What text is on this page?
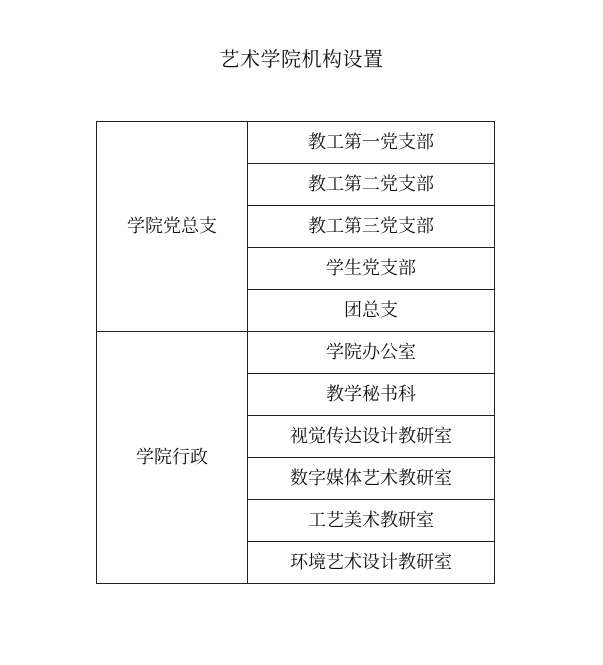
艺术学院机构设置
学院党总支	教工第一党支部
	教工第二党支部
	教工第三党支部
	学生党支部
	团总支
学院行政	学院办公室
	教学秘书科
	视觉传达设计教研室
	数字媒体艺术教研室
	工艺美术教研室
	环境艺术设计教研室
